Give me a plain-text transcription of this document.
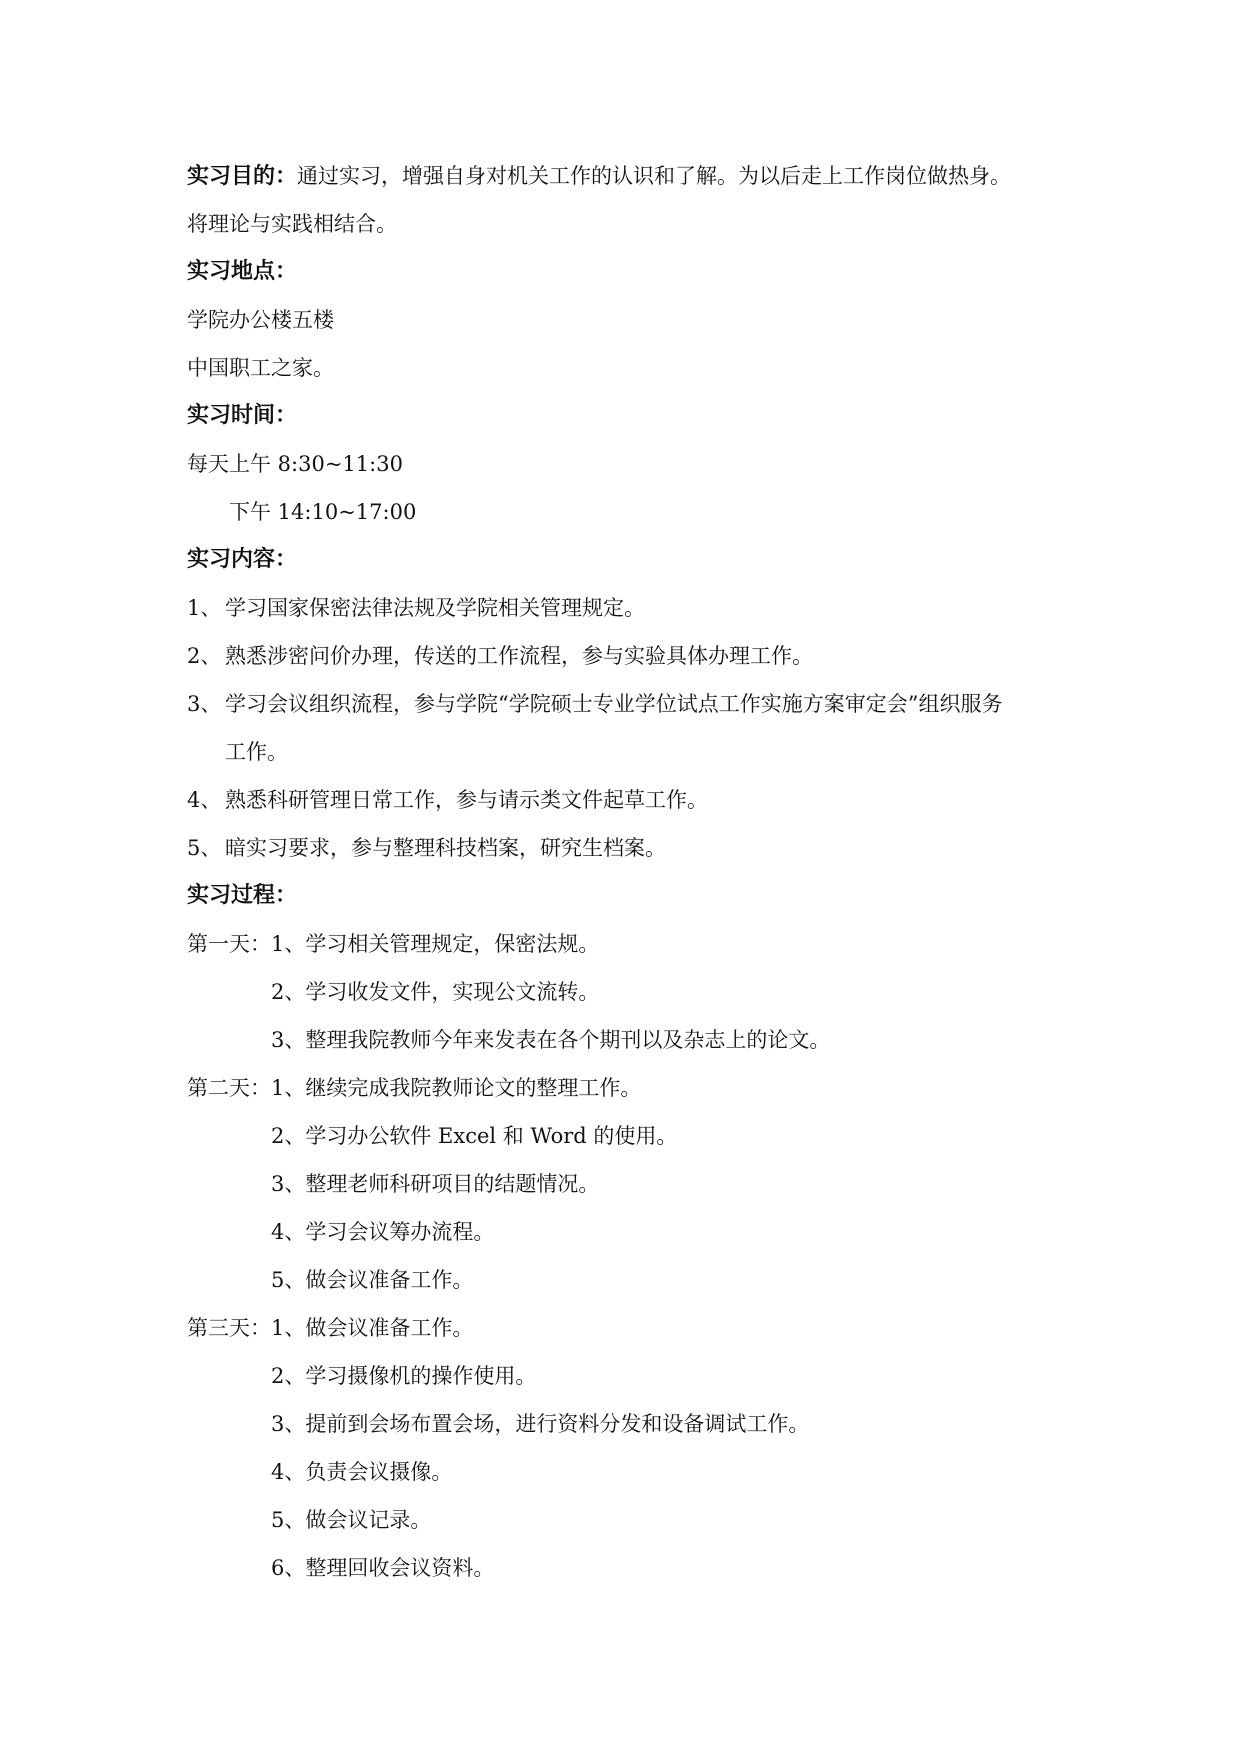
实习目的：通过实习，增强自身对机关工作的认识和了解。为以后走上工作岗位做热身。
将理论与实践相结合。
实习地点：
学院办公楼五楼
中国职工之家。
实习时间：
每天上午 8:30~11:30
下午 14:10~17:00
实习内容：
1、 学习国家保密法律法规及学院相关管理规定。
2、 熟悉涉密问价办理，传送的工作流程，参与实验具体办理工作。
3、 学习会议组织流程，参与学院“学院硕士专业学位试点工作实施方案审定会”组织服务
工作。
4、 熟悉科研管理日常工作，参与请示类文件起草工作。
5、 暗实习要求，参与整理科技档案，研究生档案。
实习过程：
第一天：1、学习相关管理规定，保密法规。
2、学习收发文件，实现公文流转。
3、整理我院教师今年来发表在各个期刊以及杂志上的论文。
第二天：1、继续完成我院教师论文的整理工作。
2、学习办公软件 Excel 和 Word 的使用。
3、整理老师科研项目的结题情况。
4、学习会议筹办流程。
5、做会议准备工作。
第三天：1、做会议准备工作。
2、学习摄像机的操作使用。
3、提前到会场布置会场，进行资料分发和设备调试工作。
4、负责会议摄像。
5、做会议记录。
6、整理回收会议资料。
